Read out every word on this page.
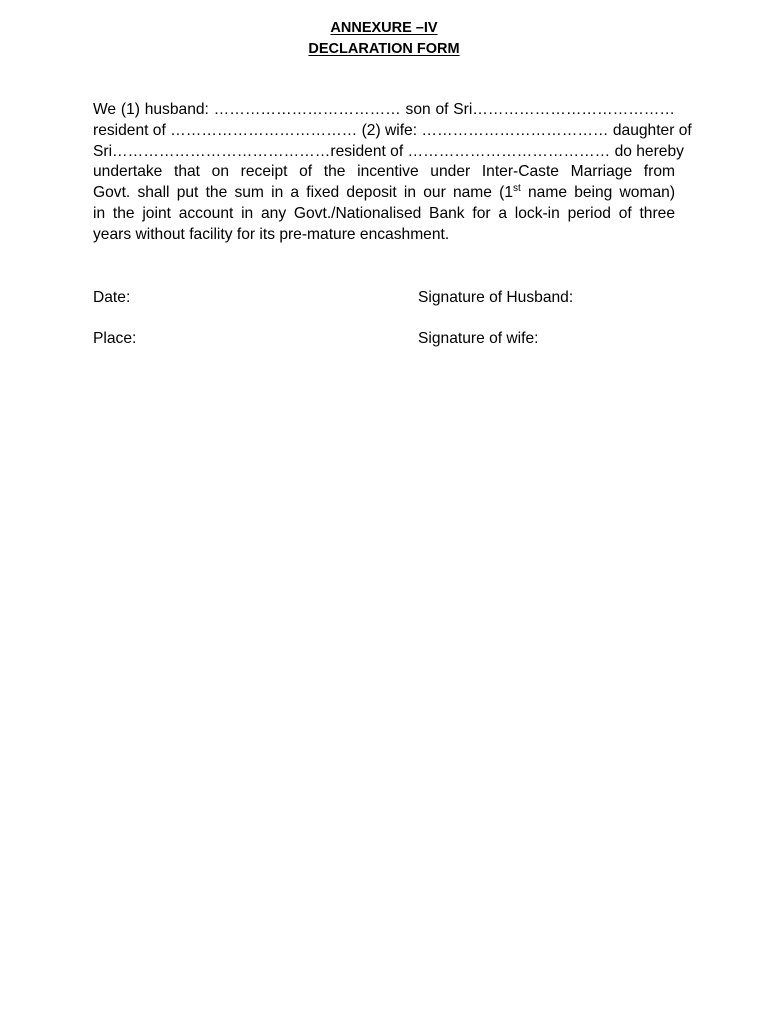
ANNEXURE –IV
DECLARATION FORM
We (1) husband: ……………………………… son of Sri…………………………………
resident of ……………………………… (2) wife: ……………………………… daughter of
Sri……………………………………resident of ………………………………… do hereby
undertake that on receipt of the incentive under Inter-Caste Marriage from
Govt. shall put the sum in a fixed deposit in our name (1st name being woman)
in the joint account in any Govt./Nationalised Bank for a lock-in period of three
years without facility for its pre-mature encashment.
Date:
Place:
Signature of Husband:
Signature of wife:
